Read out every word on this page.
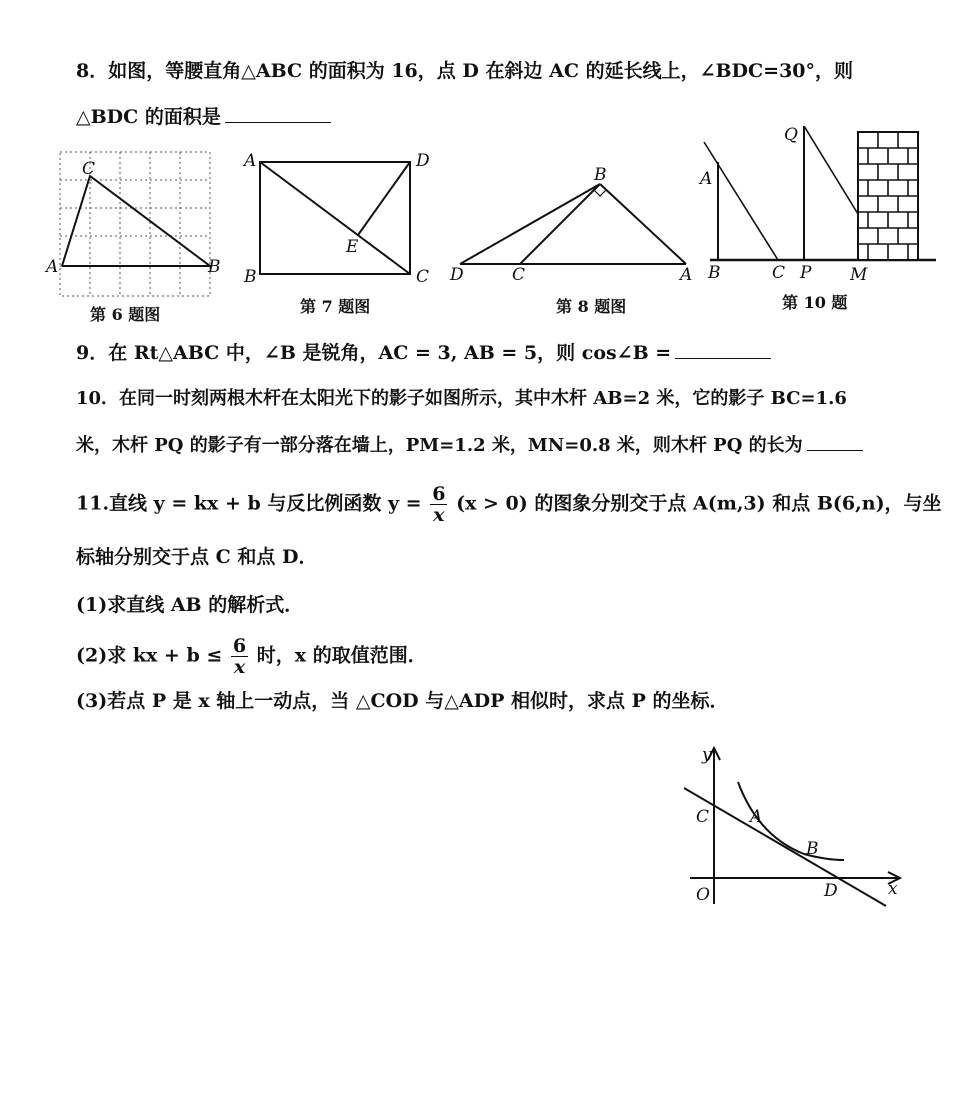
8．如图，等腰直角△ABC 的面积为 16，点 D 在斜边 AC 的延长线上，∠BDC=30°，则
△BDC 的面积是
C
A	B
第 6 题图
A	D
B	C
E
第 7 题图
B
D	C	A
第 8 题图
A
B	C P
Q
M
第 10 题
9．在 Rt△ABC 中，∠B 是锐角，AC = 3, AB = 5，则 cos∠B =
10．在同一时刻两根木杆在太阳光下的影子如图所示，其中木杆 AB=2 米，它的影子 BC=1.6
米，木杆 PQ 的影子有一部分落在墙上，PM=1.2 米，MN=0.8 米，则木杆 PQ 的长为
11.直线 y = kx + b 与反比例函数 $y = \frac{6}{x} (x > 0)$ 的图象分别交于点 A(m,3) 和点 B(6,n)，与坐
标轴分别交于点 C 和点 D．
(1)求直线 AB 的解析式．
(2)求 kx + $b \le \frac{6}{x}$ 时，x 的取值范围．
(3)若点 P 是 x 轴上一动点，当 △COD 与△ADP 相似时，求点 P 的坐标．
y
x
O
C A
B
D
